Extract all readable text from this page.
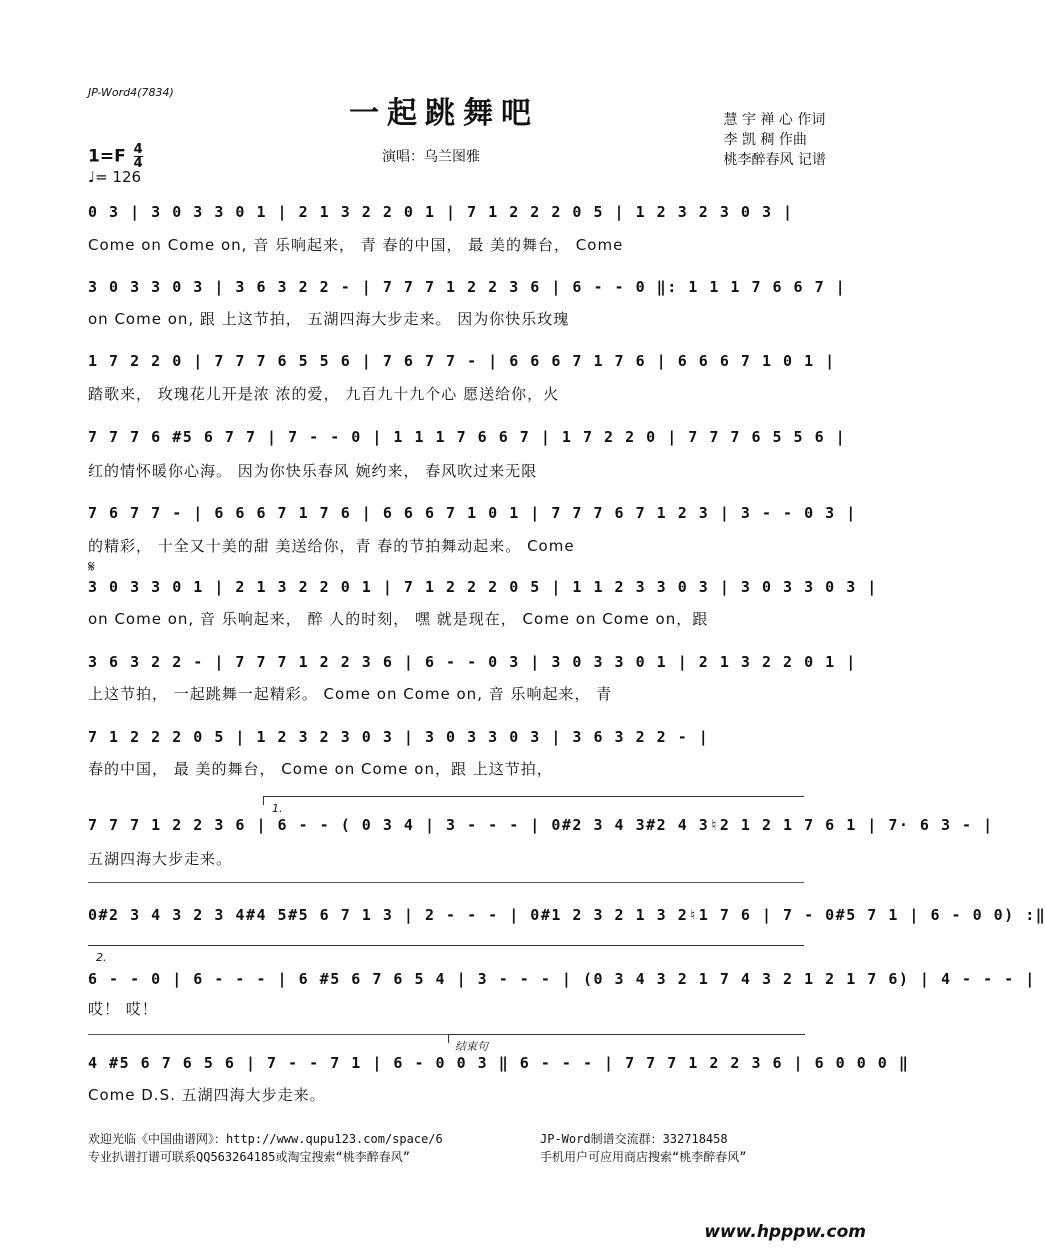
JP-Word4(7834)
一起跳舞吧	慧 宇 禅 心 作词
李 凯 稠 作曲
桃李醉春风 记谱
$1=F \frac{4}{4}$
♩= 126
演唱：乌兰图雅
0 3 | 3 0 3 3 0 1 | 2 1 3 2 2 0 1 | 7 1 2 2 2 0 5 | 1 2 3 2 3 0 3 |
Come on Come on, 音 乐响起来， 青 春的中国， 最 美的舞台， Come
3 0 3 3 0 3 | 3 6 3 2 2 - | 7 7 7 1 2 2 3 6 | 6 - - 0 ‖: 1 1 1 7 6 6 7 |
on Come on, 跟 上这节拍， 五湖四海大步走来。 因为你快乐玫瑰
1 7 2 2 0 | 7 7 7 6 5 5 6 | 7 6 7 7 - | 6 6 6 7 1 7 6 | 6 6 6 7 1 0 1 |
踏歌来， 玫瑰花儿开是浓 浓的爱， 九百九十九个心 愿送给你，火
7 7 7 6 #5 6 7 7 | 7 - - 0 | 1 1 1 7 6 6 7 | 1 7 2 2 0 | 7 7 7 6 5 5 6 |
红的情怀暖你心海。 因为你快乐春风 婉约来， 春风吹过来无限
7 6 7 7 - | 6 6 6 7 1 7 6 | 6 6 6 7 1 0 1 | 7 7 7 6 7 1 2 3 | 3 - - 0 3 |
的精彩， 十全又十美的甜 美送给你，青 春的节拍舞动起来。 Come
𝄋
3 0 3 3 0 1 | 2 1 3 2 2 0 1 | 7 1 2 2 2 0 5 | 1 1 2 3 3 0 3 | 3 0 3 3 0 3 |
on Come on, 音 乐响起来， 醉 人的时刻， 嘿 就是现在， Come on Come on，跟
3 6 3 2 2 - | 7 7 7 1 2 2 3 6 | 6 - - 0 3 | 3 0 3 3 0 1 | 2 1 3 2 2 0 1 |
上这节拍， 一起跳舞一起精彩。 Come on Come on, 音 乐响起来， 青
7 1 2 2 2 0 5 | 1 2 3 2 3 0 3 | 3 0 3 3 0 3 | 3 6 3 2 2 - |
春的中国， 最 美的舞台， Come on Come on，跟 上这节拍，
1.
7 7 7 1 2 2 3 6 | 6 - - ( 0 3 4 | 3 - - - | 0#2 3 4 3#2 4 3♮2 1 2 1 7 6 1 | 7· 6 3 - |
五湖四海大步走来。
0#2 3 4 3 2 3 4#4 5#5 6 7 1 3 | 2 - - - | 0#1 2 3 2 1 3 2♮1 7 6 | 7 - 0#5 7 1 | 6 - 0 0) :‖
2.
6 - - 0 | 6 - - - | 6 #5 6 7 6 5 4 | 3 - - - | (0 3 4 3 2 1 7 4 3 2 1 2 1 7 6) | 4 - - - |
哎！ 哎！
结束句
4 #5 6 7 6 5 6 | 7 - - 7 1 | 6 - 0 0 3 ‖ 6 - - - | 7 7 7 1 2 2 3 6 | 6 0 0 0 ‖
Come D.S. 五湖四海大步走来。
欢迎光临《中国曲谱网》：http://www.qupu123.com/space/6
专业扒谱打谱可联系QQ563264185或淘宝搜索“桃李醉春风”
JP-Word制谱交流群：332718458
手机用户可应用商店搜索“桃李醉春风”
www.hpppw.com
